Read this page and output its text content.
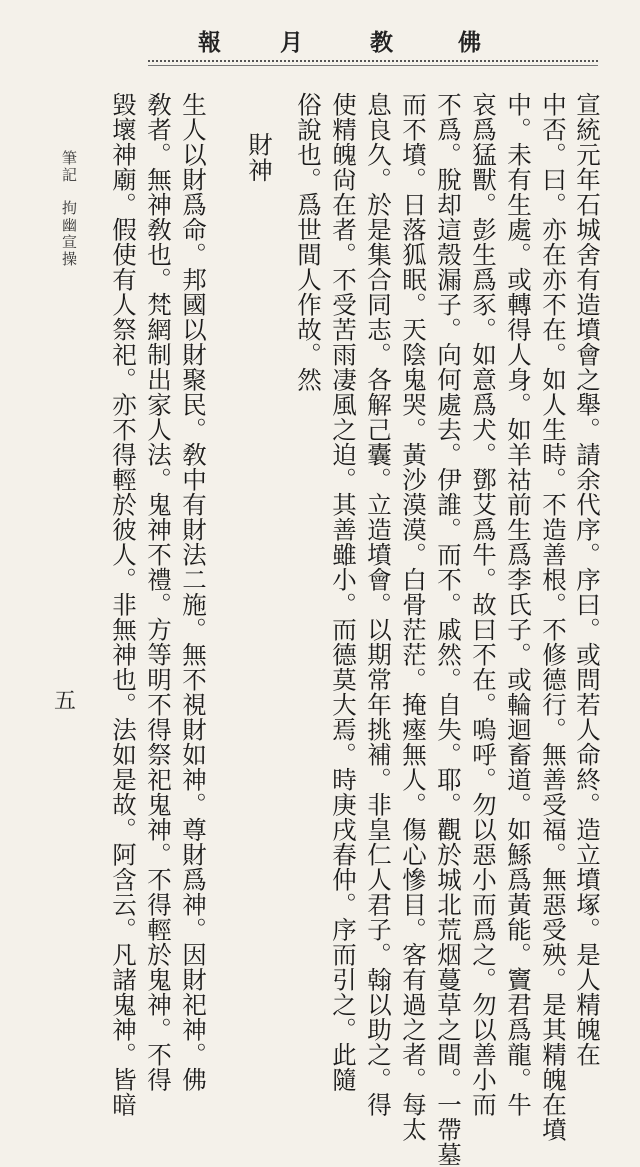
佛
教
月
報
宣統元年石城舍有造墳會之舉。請余代序。序曰。或問若人命終。造立墳塚。是人精魄在
中否。曰。亦在亦不在。如人生時。不造善根。不修德行。無善受福。無惡受殃。是其精魄在墳
中。未有生處。或轉得人身。如羊祜前生爲李氏子。或輪迴畜道。如鯀爲黃能。竇君爲龍。牛
哀爲猛獸。彭生爲豕。如意爲犬。鄧艾爲牛。故曰不在。嗚呼。勿以惡小而爲之。勿以善小而
不爲。脫却這殼漏子。向何處去。伊誰。而不。戚然。自失。耶。觀於城北荒烟蔓草之間。一帶墓
而不墳。日落狐眠。天陰鬼哭。黃沙漠漠。白骨茫茫。掩瘞無人。傷心慘目。客有過之者。每太
息良久。於是集合同志。各解己囊。立造墳會。以期常年挑補。非皇仁人君子。翰以助之。得
使精魄尙在者。不受苦雨凄風之迫。其善雖小。而德莫大焉。時庚戌春仲。序而引之。此隨
俗說也。爲世間人作故。然
財神
生人以財爲命。邦國以財聚民。敎中有財法二施。無不視財如神。尊財爲神。因財祀神。佛
敎者。無神敎也。梵網制出家人法。鬼神不禮。方等明不得祭祀鬼神。不得輕於鬼神。不得
毀壞神廟。假使有人祭祀。亦不得輕於彼人。非無神也。法如是故。阿含云。凡諸鬼神。皆暗
筆記
拘幽宣操
五
